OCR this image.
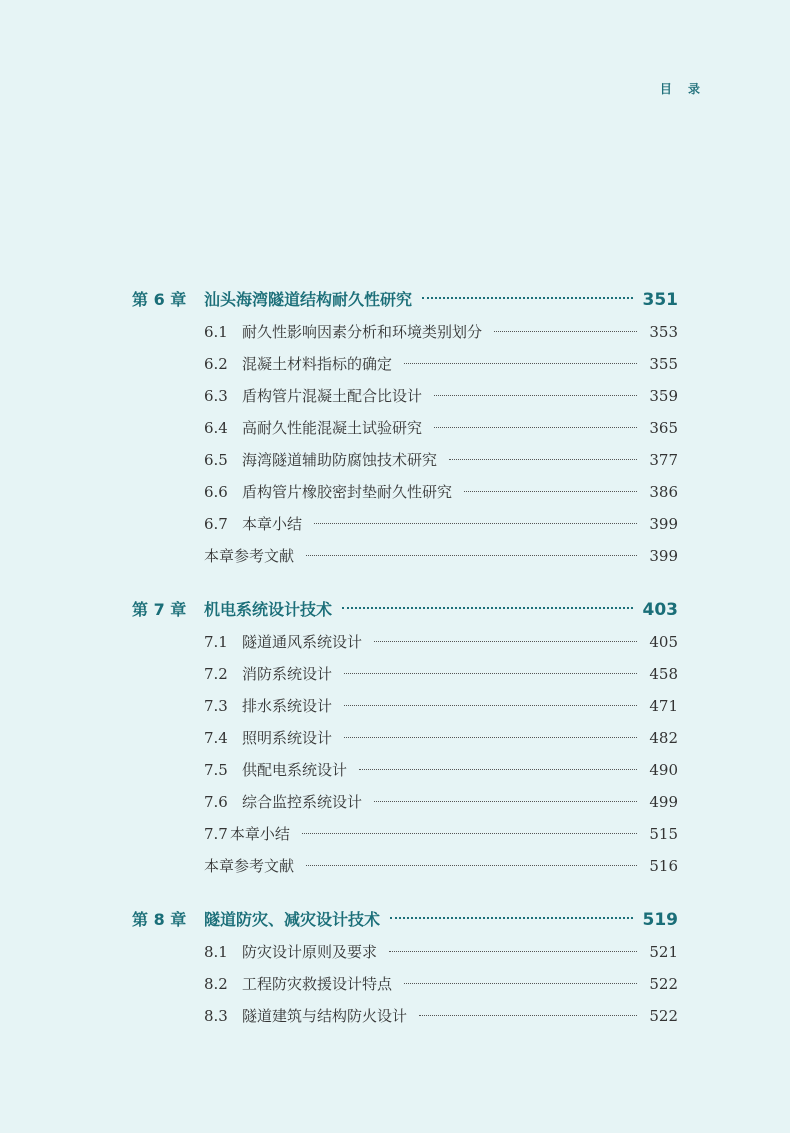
目 录
第 6 章	汕头海湾隧道结构耐久性研究	351
6.1 耐久性影响因素分析和环境类别划分	353
6.2 混凝土材料指标的确定	355
6.3 盾构管片混凝土配合比设计	359
6.4 高耐久性能混凝土试验研究	365
6.5 海湾隧道辅助防腐蚀技术研究	377
6.6 盾构管片橡胶密封垫耐久性研究	386
6.7 本章小结	399
本章参考文献	399
第 7 章	机电系统设计技术	403
7.1 隧道通风系统设计	405
7.2 消防系统设计	458
7.3 排水系统设计	471
7.4 照明系统设计	482
7.5 供配电系统设计	490
7.6 综合监控系统设计	499
7.7 本章小结	515
本章参考文献	516
第 8 章	隧道防灾、减灾设计技术	519
8.1 防灾设计原则及要求	521
8.2 工程防灾救援设计特点	522
8.3 隧道建筑与结构防火设计	522
